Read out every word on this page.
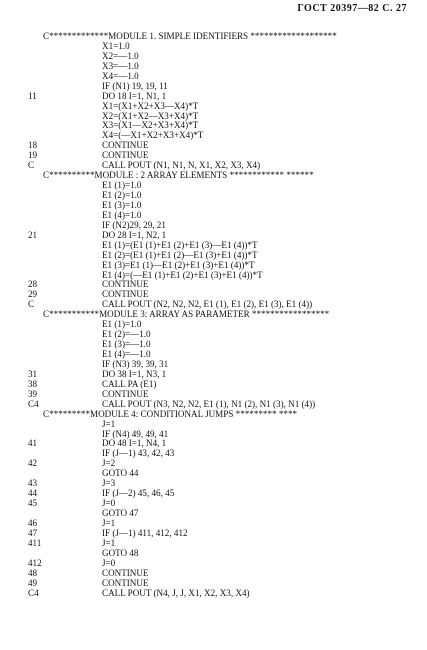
ГОСТ 20397—82 С. 27
C*************MODULE 1. SIMPLE IDENTIFIERS *******************
X1=1.0
X2=—1.0
X3=—1.0
X4=—1.0
IF (N1) 19, 19, 11
11	DO 18 I=1, N1, 1
X1=(X1+X2+X3—X4)*T
X2=(X1+X2—X3+X4)*T
X3=(X1—X2+X3+X4)*T
X4=(—X1+X2+X3+X4)*T
18	CONTINUE
19	CONTINUE
C	CALL POUT (N1, N1, N, X1, X2, X3, X4)
C**********MODULE : 2 ARRAY ELEMENTS ************ ******
E1 (1)=1.0
E1 (2)=1.0
E1 (3)=1.0
E1 (4)=1.0
IF (N2)29, 29, 21
21	DO 28 I=1, N2, 1
E1 (1)=(E1 (1)+E1 (2)+E1 (3)—E1 (4))*T
E1 (2)=(E1 (1)+E1 (2)—E1 (3)+E1 (4))*T
E1 (3)=E1 (1)—E1 (2)+E1 (3)+E1 (4))*T
E1 (4)=(—E1 (1)+E1 (2)+E1 (3)+E1 (4))*T
28	CONTINUE
29	CONTINUE
C	CALL POUT (N2, N2, N2, E1 (1), E1 (2), E1 (3), E1 (4))
C***********MODULE 3: ARRAY AS PARAMETER *****************
E1 (1)=1.0
E1 (2)=—1.0
E1 (3)=—1.0
E1 (4)=—1.0
IF (N3) 39, 39, 31
31	DO 38 I=1, N3, 1
38	CALL PA (E1)
39	CONTINUE
C4	CALL POUT (N3, N2, N2, E1 (1), N1 (2), N1 (3), N1 (4))
C*********MODULE 4: CONDITIONAL JUMPS ********* ****
J=1
IF (N4) 49, 49, 41
41	DO 48 I=1, N4, 1
IF (J—1) 43, 42, 43
42	J=2
GOTO 44
43	J=3
44	IF (J—2) 45, 46, 45
45	J=0
GOTO 47
46	J=1
47	IF (J—1) 411, 412, 412
411	J=1
GOTO 48
412	J=0
48	CONTINUE
49	CONTINUE
C4	CALL POUT (N4, J, J, X1, X2, X3, X4)
